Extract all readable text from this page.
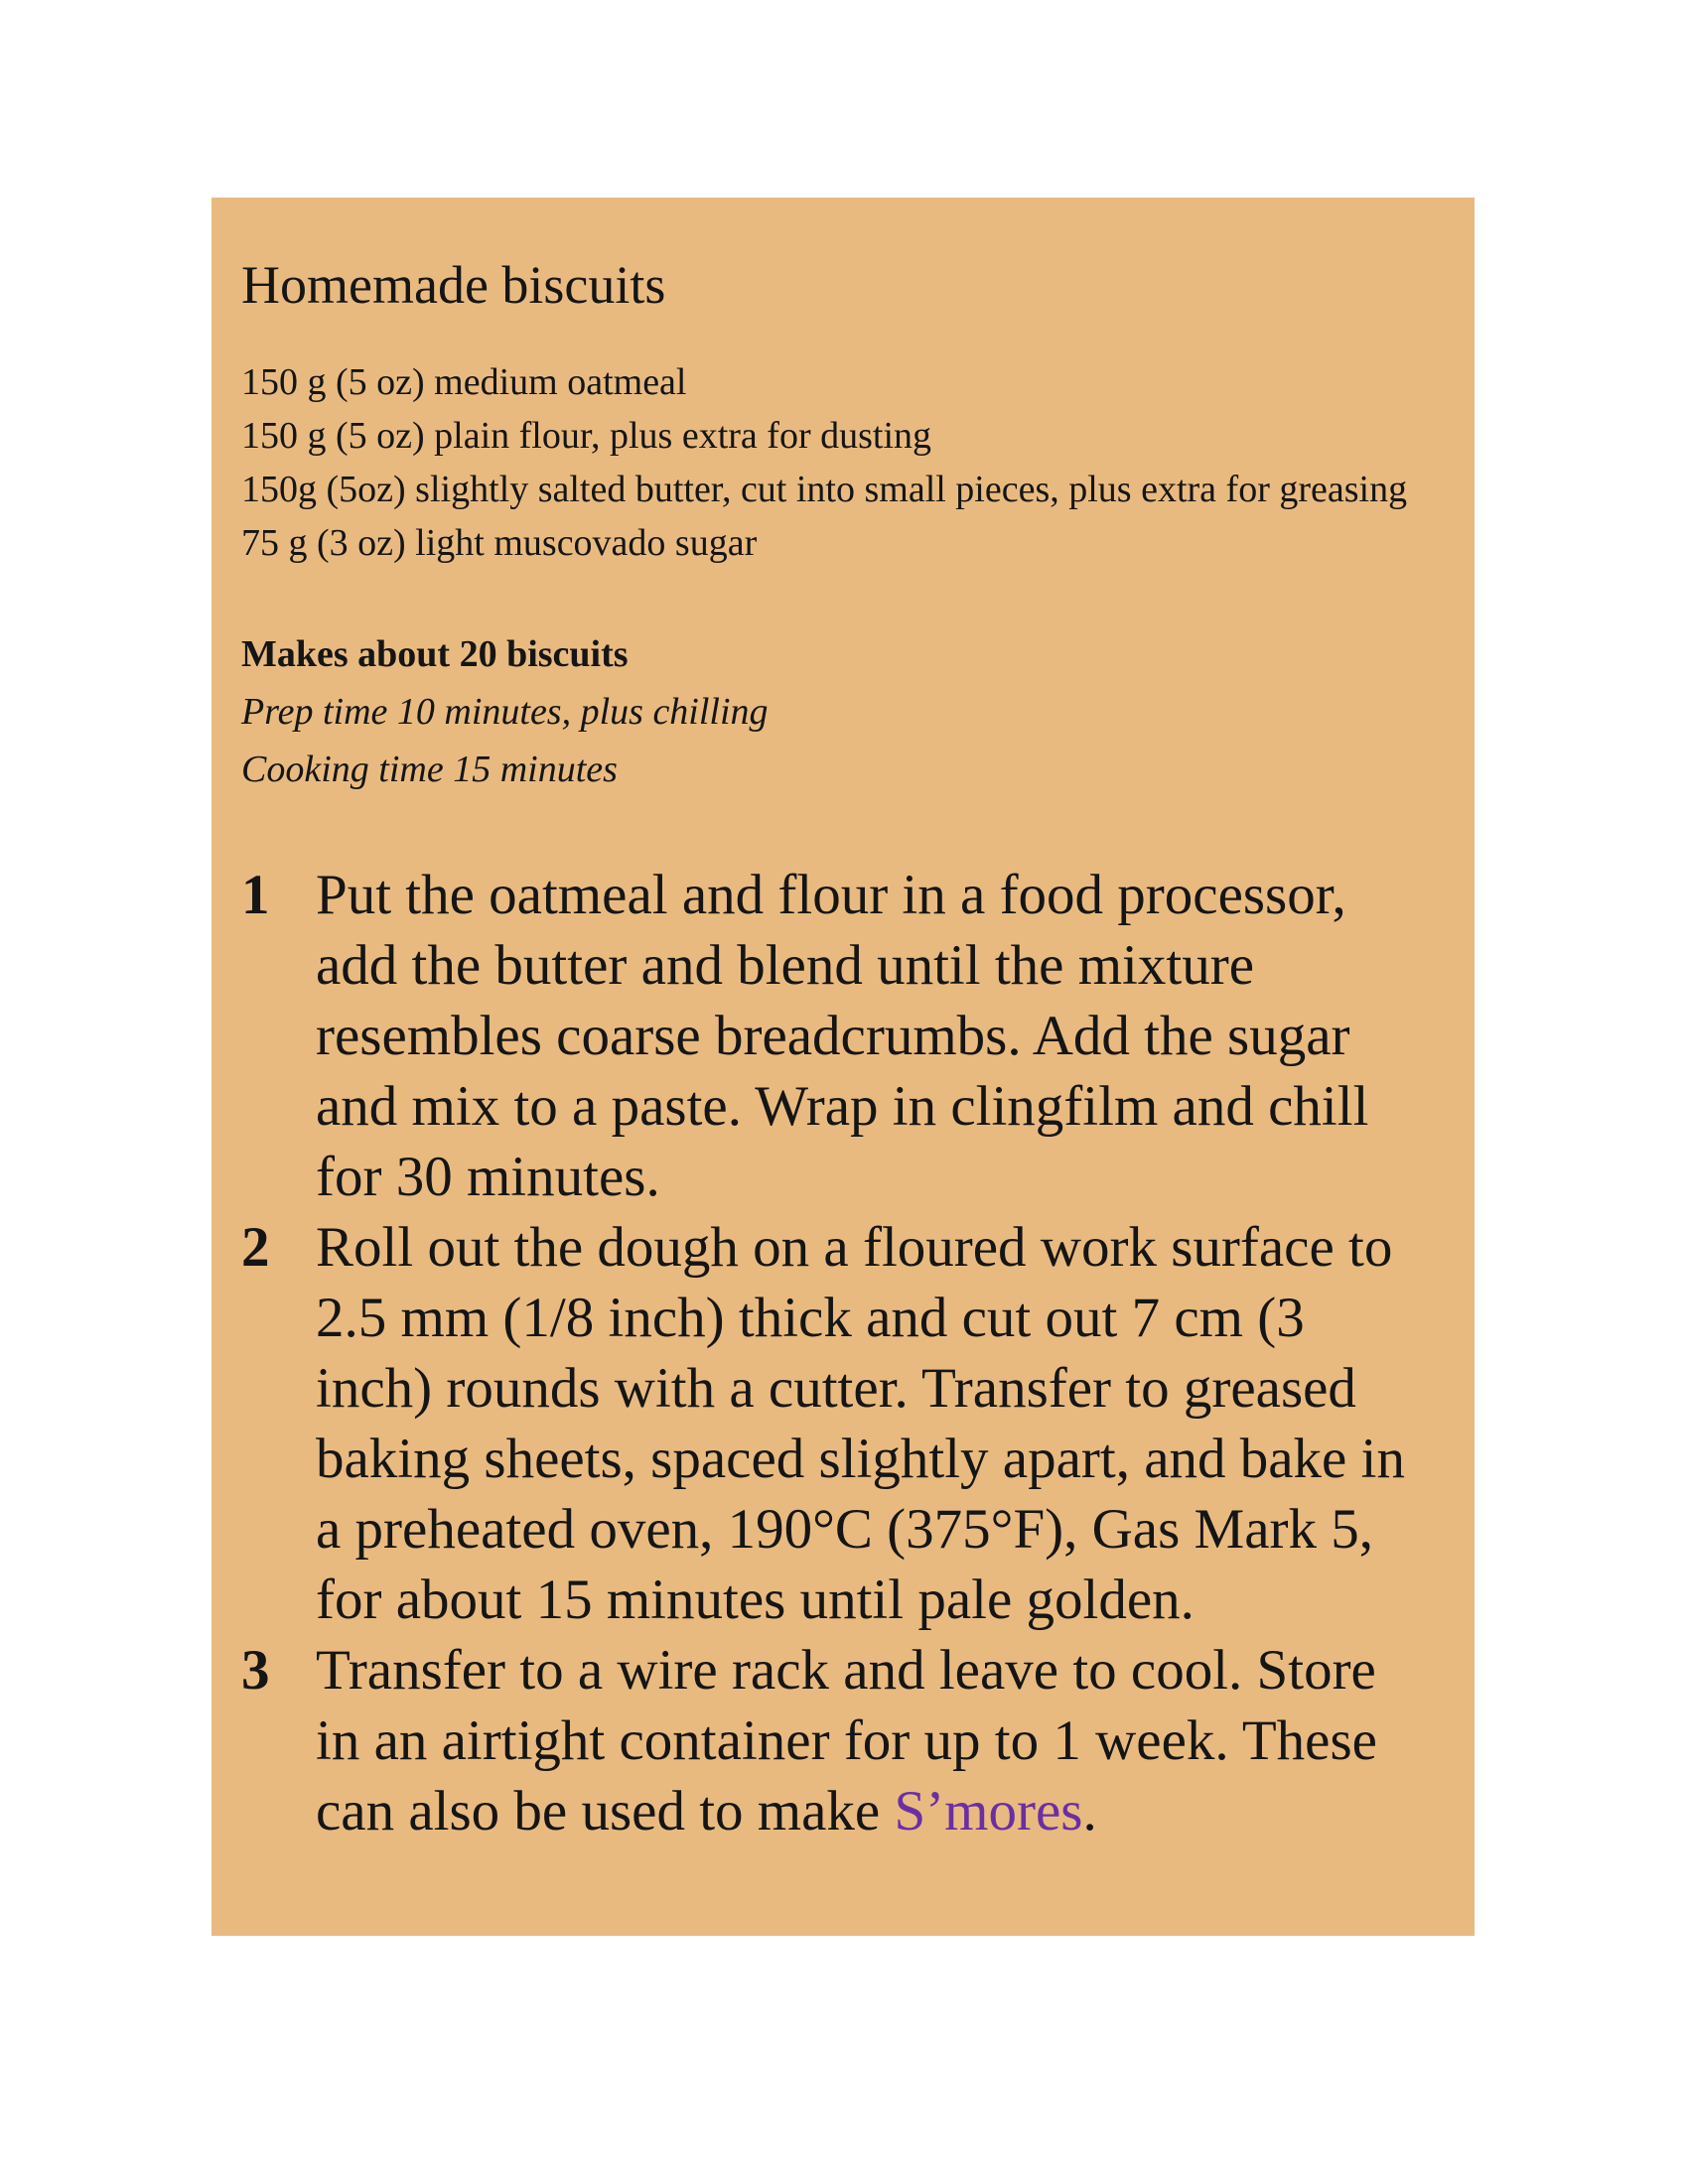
Homemade biscuits
150 g (5 oz) medium oatmeal
150 g (5 oz) plain flour, plus extra for dusting
150g (5oz) slightly salted butter, cut into small pieces, plus extra for greasing
75 g (3 oz) light muscovado sugar
Makes about 20 biscuits
Prep time 10 minutes, plus chilling
Cooking time 15 minutes
1 Put the oatmeal and flour in a food processor, add the butter and blend until the mixture resembles coarse breadcrumbs. Add the sugar and mix to a paste. Wrap in clingfilm and chill for 30 minutes.
2 Roll out the dough on a floured work surface to 2.5 mm (1/8 inch) thick and cut out 7 cm (3 inch) rounds with a cutter. Transfer to greased baking sheets, spaced slightly apart, and bake in a preheated oven, 190°C (375°F), Gas Mark 5, for about 15 minutes until pale golden.
3 Transfer to a wire rack and leave to cool. Store in an airtight container for up to 1 week. These can also be used to make S’mores.
